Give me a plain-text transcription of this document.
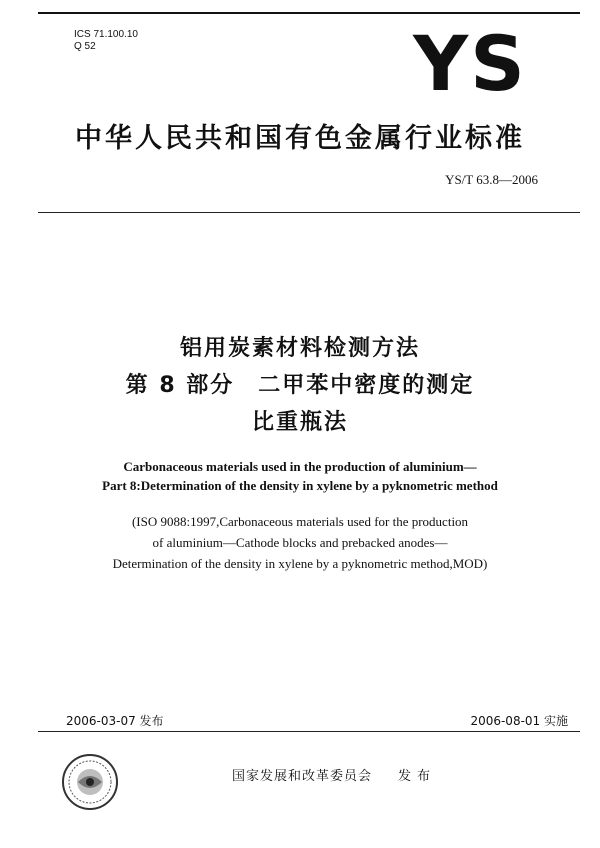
ICS 71.100.10
Q 52	YS
中华人民共和国有色金属行业标准
YS/T 63.8—2006
铝用炭素材料检测方法
第 8 部分　二甲苯中密度的测定
比重瓶法
Carbonaceous materials used in the production of aluminium—
Part 8:Determination of the density in xylene by a pyknometric method
(ISO 9088:1997,Carbonaceous materials used for the production
of aluminium—Cathode blocks and prebacked anodes—
Determination of the density in xylene by a pyknometric method,MOD)
2006-03-07 发布	2006-08-01 实施
国家发展和改革委员会 发布
